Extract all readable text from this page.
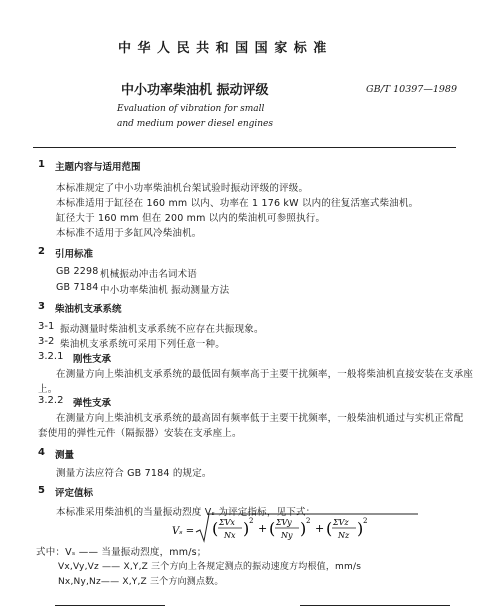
中 华 人 民 共 和 国 国 家 标 准
中小功率柴油机 振动评级	GB/T 10397—1989
Evaluation of vibration for small
and medium power diesel engines
1 主题内容与适用范围
本标准规定了中小功率柴油机台架试验时振动评级的评级。
本标准适用于缸径在 160 mm 以内、功率在 1 176 kW 以内的往复活塞式柴油机。
缸径大于 160 mm 但在 200 mm 以内的柴油机可参照执行。
本标准不适用于多缸风冷柴油机。
2 引用标准
GB 2298 机械振动冲击名词术语
GB 7184 中小功率柴油机 振动测量方法
3 柴油机支承系统
3-1 振动测量时柴油机支承系统不应存在共振现象。
3-2 柴油机支承系统可采用下列任意一种。
3.2.1 刚性支承
在测量方向上柴油机支承系统的最低固有频率高于主要干扰频率，一般将柴油机直接安装在支承座
上。
3.2.2 弹性支承
在测量方向上柴油机支承系统的最高固有频率低于主要干扰频率，一般柴油机通过与实机正常配
套使用的弹性元件（隔振器）安装在支承座上。
4 测量
测量方法应符合 GB 7184 的规定。
5 评定值标
本标准采用柴油机的当量振动烈度 Vₛ 为评定指标，见下式：
Vₛ = ( ΣVx
Nx ) 2
+ ( ΣVy
Ny ) 2
+ ( ΣVz
Nz ) 2
式中：Vₛ —— 当量振动烈度，mm/s；
Vx,Vy,Vz —— X,Y,Z 三个方向上各规定测点的振动速度方均根值，mm/s
Nx,Ny,Nz—— X,Y,Z 三个方向测点数。
